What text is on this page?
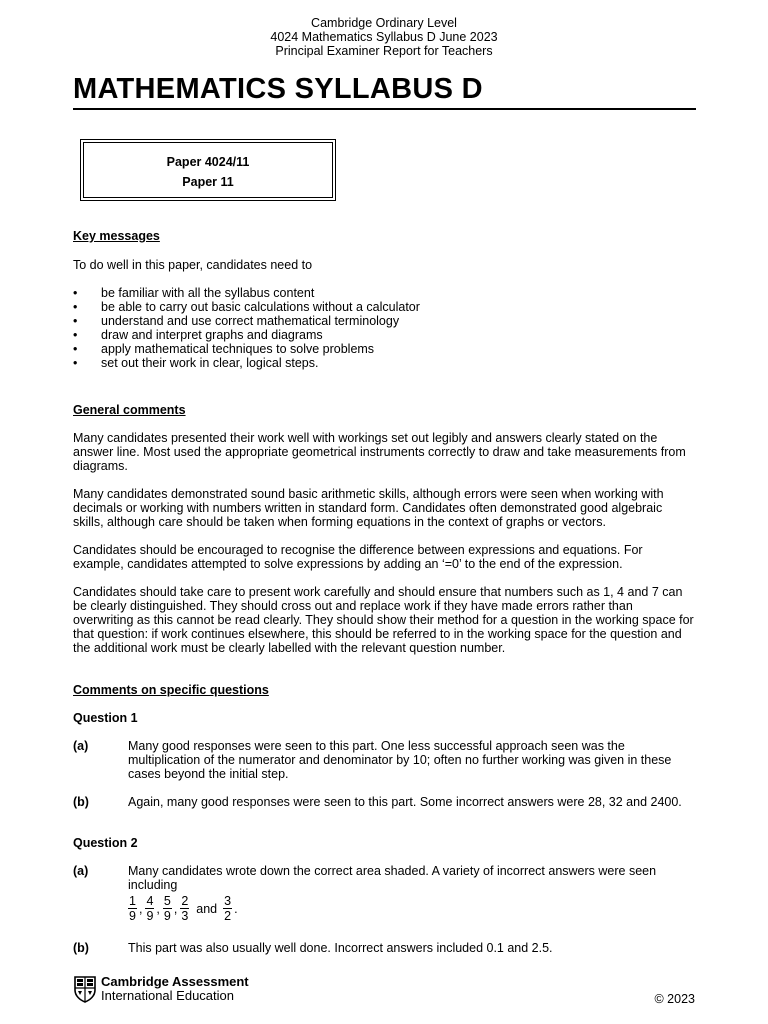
Cambridge Ordinary Level
4024 Mathematics Syllabus D June 2023
Principal Examiner Report for Teachers
MATHEMATICS SYLLABUS D
Paper 4024/11
Paper 11
Key messages
To do well in this paper, candidates need to
• be familiar with all the syllabus content
• be able to carry out basic calculations without a calculator
• understand and use correct mathematical terminology
• draw and interpret graphs and diagrams
• apply mathematical techniques to solve problems
• set out their work in clear, logical steps.
General comments
Many candidates presented their work well with workings set out legibly and answers clearly stated on the answer line. Most used the appropriate geometrical instruments correctly to draw and take measurements from diagrams.
Many candidates demonstrated sound basic arithmetic skills, although errors were seen when working with decimals or working with numbers written in standard form. Candidates often demonstrated good algebraic skills, although care should be taken when forming equations in the context of graphs or vectors.
Candidates should be encouraged to recognise the difference between expressions and equations. For example, candidates attempted to solve expressions by adding an ‘=0’ to the end of the expression.
Candidates should take care to present work carefully and should ensure that numbers such as 1, 4 and 7 can be clearly distinguished. They should cross out and replace work if they have made errors rather than overwriting as this cannot be read clearly. They should show their method for a question in the working space for that question: if work continues elsewhere, this should be referred to in the working space for the question and the additional work must be clearly labelled with the relevant question number.
Comments on specific questions
Question 1
(a)	Many good responses were seen to this part. One less successful approach seen was the multiplication of the numerator and denominator by 10; often no further working was given in these cases beyond the initial step.
(b)	Again, many good responses were seen to this part. Some incorrect answers were 28, 32 and 2400.
Question 2
(a)	Many candidates wrote down the correct area shaded. A variety of incorrect answers were seen including
$\frac{1}{9}$ , $\frac{4}{9}$ , $\frac{5}{9}$ , $\frac{2}{3}$ and $\frac{3}{2}$ .
(b)	This part was also usually well done. Incorrect answers included 0.1 and 2.5.
Cambridge Assessment
International Education	© 2023
